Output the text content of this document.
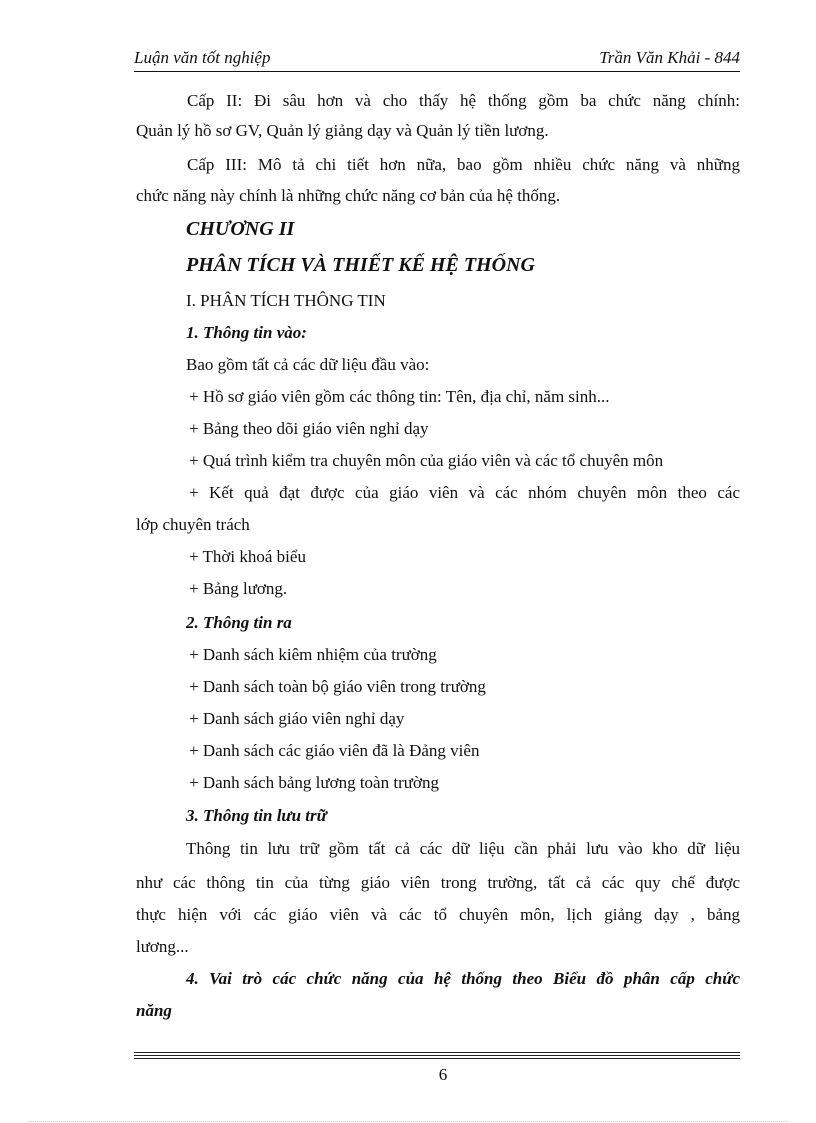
Luận văn tốt nghiệp	Trần Văn Khải - 844
Cấp II: Đi sâu hơn và cho thấy hệ thống gồm ba chức năng chính:
Quản lý hồ sơ GV, Quản lý giảng dạy và Quản lý tiền lương.
Cấp III: Mô tả chi tiết hơn nữa, bao gồm nhiều chức năng và những
chức năng này chính là những chức năng cơ bản của hệ thống.
CHƯƠNG II
PHÂN TÍCH VÀ THIẾT KẾ HỆ THỐNG
I. PHÂN TÍCH THÔNG TIN
1. Thông tin vào:
Bao gồm tất cả các dữ liệu đầu vào:
+ Hồ sơ giáo viên gồm các thông tin: Tên, địa chỉ, năm sinh...
+ Bảng theo dõi giáo viên nghỉ dạy
+ Quá trình kiểm tra chuyên môn của giáo viên và các tổ chuyên môn
+ Kết quả đạt được của giáo viên và các nhóm chuyên môn theo các
lớp chuyên trách
+ Thời khoá biểu
+ Bảng lương.
2. Thông tin ra
+ Danh sách kiêm nhiệm của trường
+ Danh sách toàn bộ giáo viên trong trường
+ Danh sách giáo viên nghỉ dạy
+ Danh sách các giáo viên đã là Đảng viên
+ Danh sách bảng lương toàn trường
3. Thông tin lưu trữ
Thông tin lưu trữ gồm tất cả các dữ liệu cần phải lưu vào kho dữ liệu
như các thông tin của từng giáo viên trong trường, tất cả các quy chế được
thực hiện với các giáo viên và các tổ chuyên môn, lịch giảng dạy , bảng
lương...
4. Vai trò các chức năng của hệ thống theo Biểu đồ phân cấp chức
năng
6
